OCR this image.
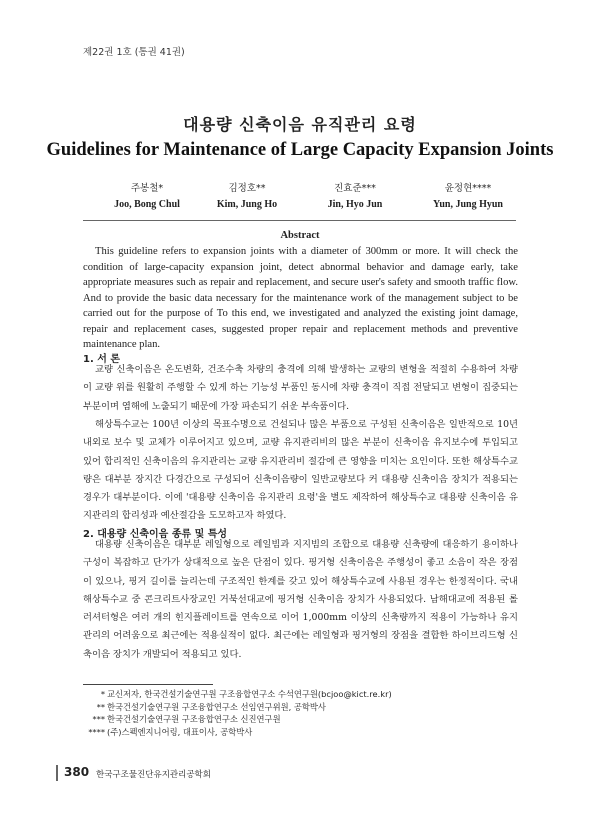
제22권 1호 (통권 41권)
대용량 신축이음 유직관리 요령
Guidelines for Maintenance of Large Capacity Expansion Joints
주봉철*
Joo, Bong Chul
김정호**
Kim, Jung Ho
진효준***
Jin, Hyo Jun
윤정현****
Yun, Jung Hyun
Abstract
This guideline refers to expansion joints with a diameter of 300mm or more. It will check the condition of large-capacity expansion joint, detect abnormal behavior and damage early, take appropriate measures such as repair and replacement, and secure user's safety and smooth traffic flow. And to provide the basic data necessary for the maintenance work of the management subject to be carried out for the purpose of To this end, we investigated and analyzed the existing joint damage, repair and replacement cases, suggested proper repair and replacement methods and preventive maintenance plan.
1. 서 론
교량 신축이음은 온도변화, 건조수축 차량의 충격에 의해 발생하는 교량의 변형을 적절히 수용하여 차량이 교량 위를 원활히 주행할 수 있게 하는 기능성 부품인 동시에 차량 충격이 직접 전달되고 변형이 집중되는 부분이며 염해에 노출되기 때문에 가장 파손되기 쉬운 부속품이다.
해상특수교는 100년 이상의 목표수명으로 건설되나 많은 부품으로 구성된 신축이음은 일반적으로 10년 내외로 보수 및 교체가 이루어지고 있으며, 교량 유지관리비의 많은 부분이 신축이음 유지보수에 투입되고 있어 합리적인 신축이음의 유지관리는 교량 유지관리비 절감에 큰 영향을 미치는 요인이다. 또한 해상특수교량은 대부분 장지간 다경간으로 구성되어 신축이음량이 일반교량보다 커 대용량 신축이음 장치가 적용되는 경우가 대부분이다. 이에 '대용량 신축이음 유지관리 요령'을 별도 제작하여 해상특수교 대용량 신축이음 유지관리의 합리성과 예산절감을 도모하고자 하였다.
2. 대용량 신축이음 종류 및 특성
대용량 신축이음은 대부분 레일형으로 레일빔과 지지빔의 조합으로 대용량 신축량에 대응하기 용이하나 구성이 복잡하고 단가가 상대적으로 높은 단점이 있다. 핑거형 신축이음은 주행성이 좋고 소음이 작은 장점이 있으나, 핑거 길이를 늘리는데 구조적인 한계를 갖고 있어 해상특수교에 사용된 경우는 한정적이다. 국내 해상특수교 중 콘크리트사장교인 거북선대교에 핑거형 신축이음 장치가 사용되었다. 남해대교에 적용된 롤러셔터형은 여러 개의 힌지플레이트를 연속으로 이어 1,000mm 이상의 신축량까지 적용이 가능하나 유지관리의 어려움으로 최근에는 적용실적이 없다. 최근에는 레일형과 핑거형의 장점을 결합한 하이브리드형 신축이음 장치가 개발되어 적용되고 있다.
* 교신저자, 한국건설기술연구원 구조융합연구소 수석연구원(bcjoo@kict.re.kr)
** 한국건설기술연구원 구조융합연구소 선임연구위원, 공학박사
*** 한국건설기술연구원 구조융합연구소 신진연구원
**** (주)스펙엔지니어링, 대표이사, 공학박사
380 한국구조물진단유지관리공학회
